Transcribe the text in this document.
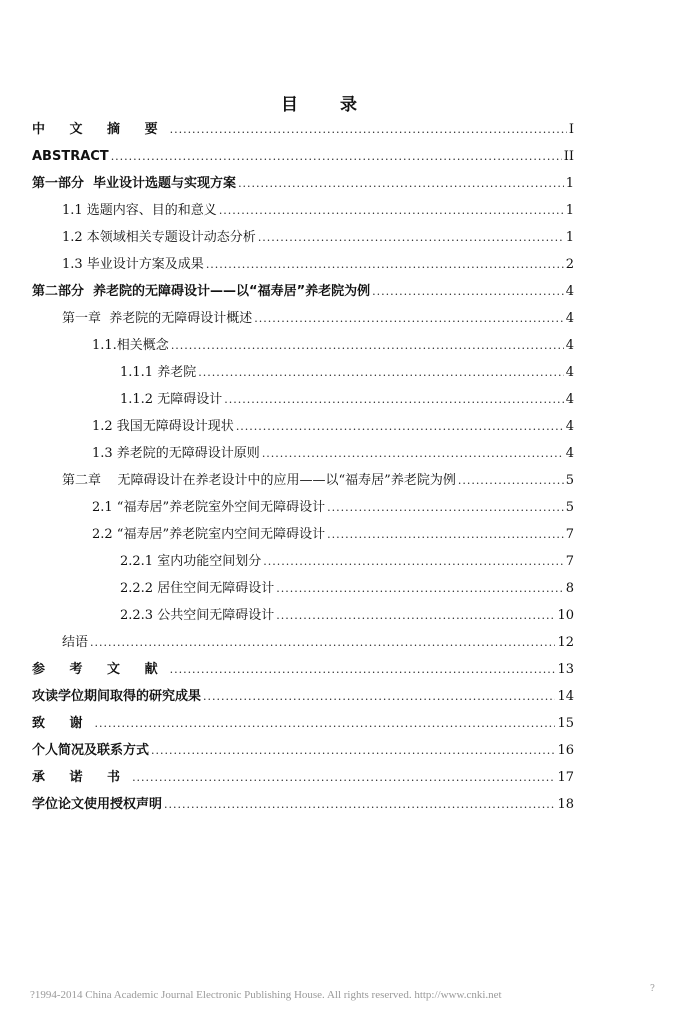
目 录
中 文 摘 要 .....	I
ABSTRACT .....	II
第一部分  毕业设计选题与实现方案 .....	1
1.1 选题内容、目的和意义 .....	1
1.2 本领域相关专题设计动态分析 .....	1
1.3 毕业设计方案及成果 .....	2
第二部分  养老院的无障碍设计——以“福寿居”养老院为例 .....	4
第一章  养老院的无障碍设计概述 .....	4
1.1.相关概念 .....	4
1.1.1 养老院 .....	4
1.1.2 无障碍设计 .....	4
1.2 我国无障碍设计现状 .....	4
1.3 养老院的无障碍设计原则 .....	4
第二章    无障碍设计在养老设计中的应用——以“福寿居”养老院为例 .....	5
2.1 “福寿居”养老院室外空间无障碍设计 .....	5
2.2 “福寿居”养老院室内空间无障碍设计 .....	7
2.2.1 室内功能空间划分 .....	7
2.2.2 居住空间无障碍设计 .....	8
2.2.3 公共空间无障碍设计 .....	10
结语 .....	12
参 考 文 献 .....	13
攻读学位期间取得的研究成果 .....	14
致 谢 .....	15
个人简况及联系方式 .....	16
承 诺 书 .....	17
学位论文使用授权声明 .....	18
?1994-2014 China Academic Journal Electronic Publishing House. All rights reserved. http://www.cnki.net	?
